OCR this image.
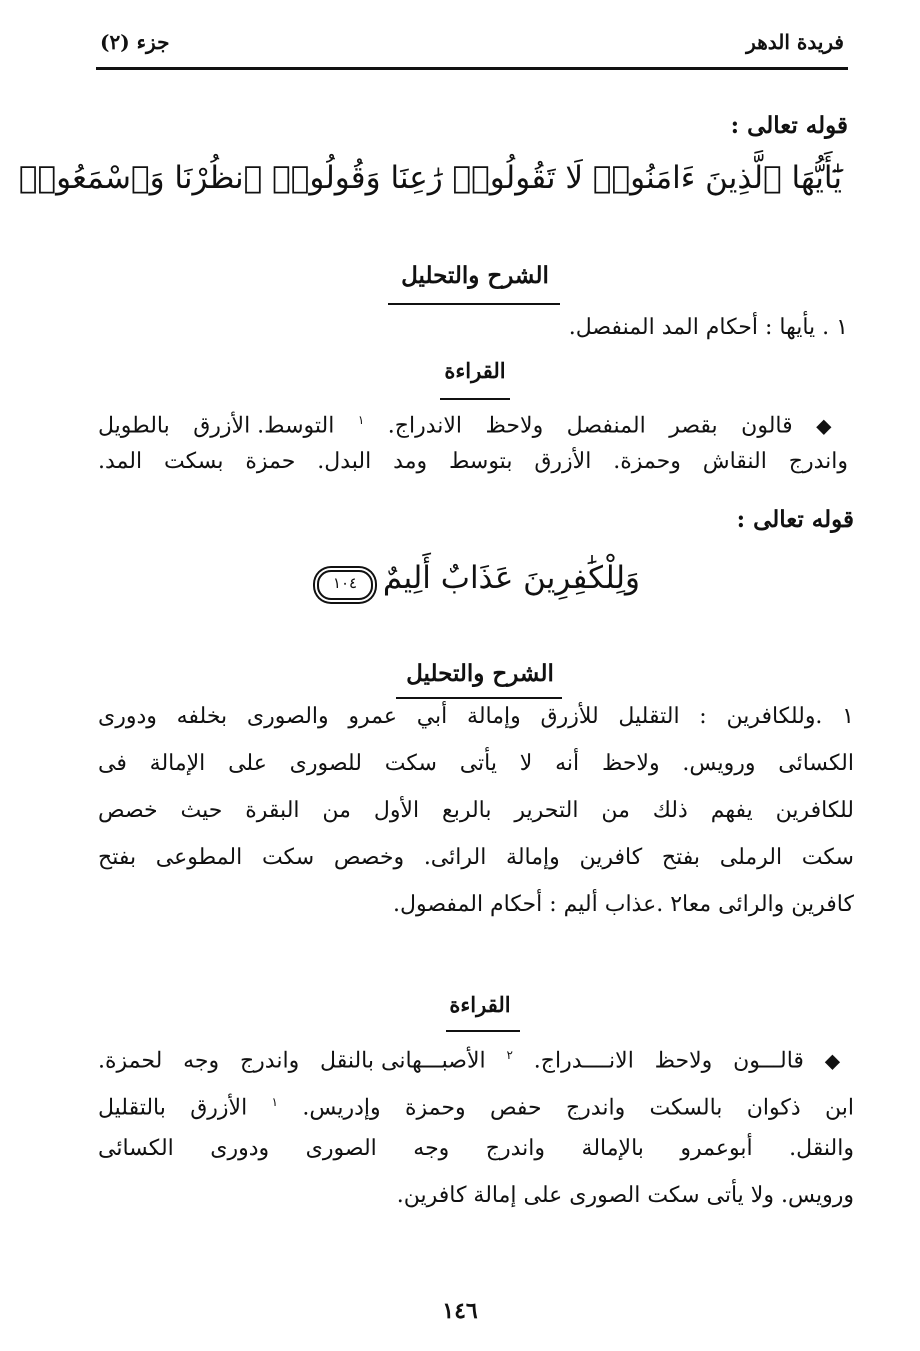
جزء (٢)	فريدة الدهر
قوله تعالى :
يَٰٓأَيُّهَا ٱلَّذِينَ ءَامَنُوا۟ لَا تَقُولُوا۟ رَٰعِنَا وَقُولُوا۟ ٱنظُرْنَا وَٱسْمَعُوا۟
الشرح والتحليل
١ . يأيها : أحكام المد المنفصل.
القراءة
◆ قالون بقصر المنفصل ولاحظ الاندراج. $^١$ التوسط. الأزرق بالطويل
واندرج النقاش وحمزة. الأزرق بتوسط ومد البدل. حمزة بسكت المد.
قوله تعالى :
وَلِلْكَٰفِرِينَ عَذَابٌ أَلِيمٌ ١٠٤
الشرح والتحليل
١ .وللكافرين : التقليل للأزرق وإمالة أبي عمرو والصورى بخلفه ودورى
الكسائى ورويس. ولاحظ أنه لا يأتى سكت للصورى على الإمالة فى
للكافرين يفهم ذلك من التحرير بالربع الأول من البقرة حيث خصص
سكت الرملى بفتح كافرين وإمالة الرائى. وخصص سكت المطوعى بفتح
كافرين والرائى معا٢ .عذاب أليم : أحكام المفصول.
القراءة
◆ قالـــون ولاحظ الانــــدراج. $^٢$ الأصبـــهانى بالنقل واندرج وجه لحمزة.
ابن ذكوان بالسكت واندرج حفص وحمزة وإدريس. $^١$ الأزرق بالتقليل
والنقل. أبوعمرو بالإمالة واندرج وجه الصورى ودورى الكسائى
ورويس. ولا يأتى سكت الصورى على إمالة كافرين.
١٤٦
